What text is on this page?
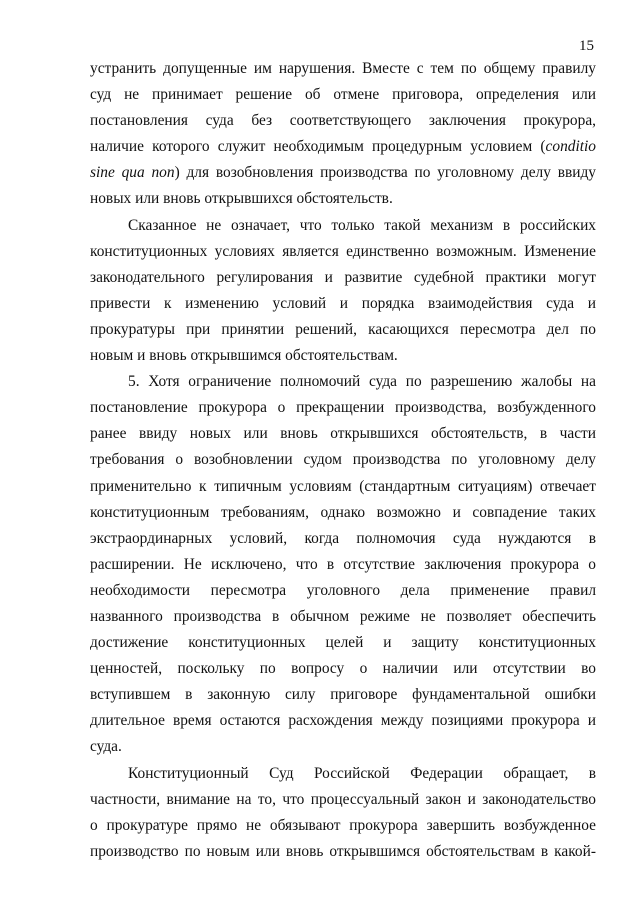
15
устранить допущенные им нарушения. Вместе с тем по общему правилу
суд не принимает решение об отмене приговора, определения или
постановления суда без соответствующего заключения прокурора,
наличие которого служит необходимым процедурным условием (conditio
sine qua non) для возобновления производства по уголовному делу ввиду
новых или вновь открывшихся обстоятельств.
Сказанное не означает, что только такой механизм в российских
конституционных условиях является единственно возможным. Изменение
законодательного регулирования и развитие судебной практики могут
привести к изменению условий и порядка взаимодействия суда и
прокуратуры при принятии решений, касающихся пересмотра дел по
новым и вновь открывшимся обстоятельствам.
5. Хотя ограничение полномочий суда по разрешению жалобы на
постановление прокурора о прекращении производства, возбужденного
ранее ввиду новых или вновь открывшихся обстоятельств, в части
требования о возобновлении судом производства по уголовному делу
применительно к типичным условиям (стандартным ситуациям) отвечает
конституционным требованиям, однако возможно и совпадение таких
экстраординарных условий, когда полномочия суда нуждаются в
расширении. Не исключено, что в отсутствие заключения прокурора о
необходимости пересмотра уголовного дела применение правил
названного производства в обычном режиме не позволяет обеспечить
достижение конституционных целей и защиту конституционных
ценностей, поскольку по вопросу о наличии или отсутствии во
вступившем в законную силу приговоре фундаментальной ошибки
длительное время остаются расхождения между позициями прокурора и
суда.
Конституционный Суд Российской Федерации обращает, в
частности, внимание на то, что процессуальный закон и законодательство
о прокуратуре прямо не обязывают прокурора завершить возбужденное
производство по новым или вновь открывшимся обстоятельствам в какой-
